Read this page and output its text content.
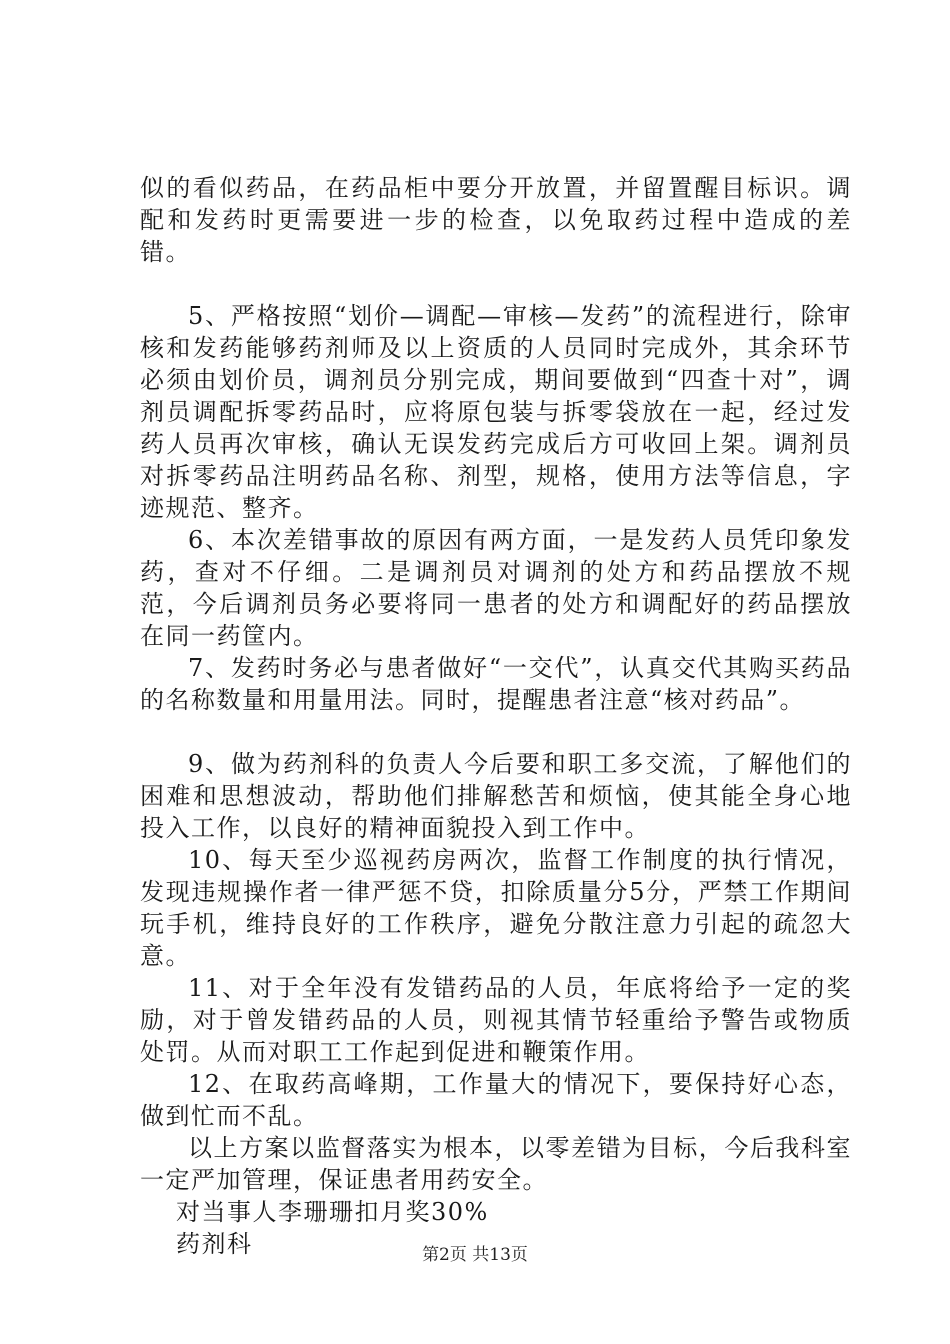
似的看似药品，在药品柜中要分开放置，并留置醒目标识。调配和发药时更需要进一步的检查，以免取药过程中造成的差错。

5、严格按照“划价—调配—审核—发药”的流程进行，除审核和发药能够药剂师及以上资质的人员同时完成外，其余环节必须由划价员，调剂员分别完成，期间要做到“四查十对”，调剂员调配拆零药品时，应将原包装与拆零袋放在一起，经过发药人员再次审核，确认无误发药完成后方可收回上架。调剂员对拆零药品注明药品名称、剂型，规格，使用方法等信息，字迹规范、整齐。

6、本次差错事故的原因有两方面，一是发药人员凭印象发药，查对不仔细。二是调剂员对调剂的处方和药品摆放不规范，今后调剂员务必要将同一患者的处方和调配好的药品摆放在同一药筐内。

7、发药时务必与患者做好“一交代”，认真交代其购买药品的名称数量和用量用法。同时，提醒患者注意“核对药品”。

9、做为药剂科的负责人今后要和职工多交流，了解他们的困难和思想波动，帮助他们排解愁苦和烦恼，使其能全身心地投入工作，以良好的精神面貌投入到工作中。

10、每天至少巡视药房两次，监督工作制度的执行情况，发现违规操作者一律严惩不贷，扣除质量分5分，严禁工作期间玩手机，维持良好的工作秩序，避免分散注意力引起的疏忽大意。

11、对于全年没有发错药品的人员，年底将给予一定的奖励，对于曾发错药品的人员，则视其情节轻重给予警告或物质处罚。从而对职工工作起到促进和鞭策作用。

12、在取药高峰期，工作量大的情况下，要保持好心态，做到忙而不乱。

以上方案以监督落实为根本，以零差错为目标，今后我科室一定严加管理，保证患者用药安全。

对当事人李珊珊扣月奖30%

药剂科	第2页 共13页
